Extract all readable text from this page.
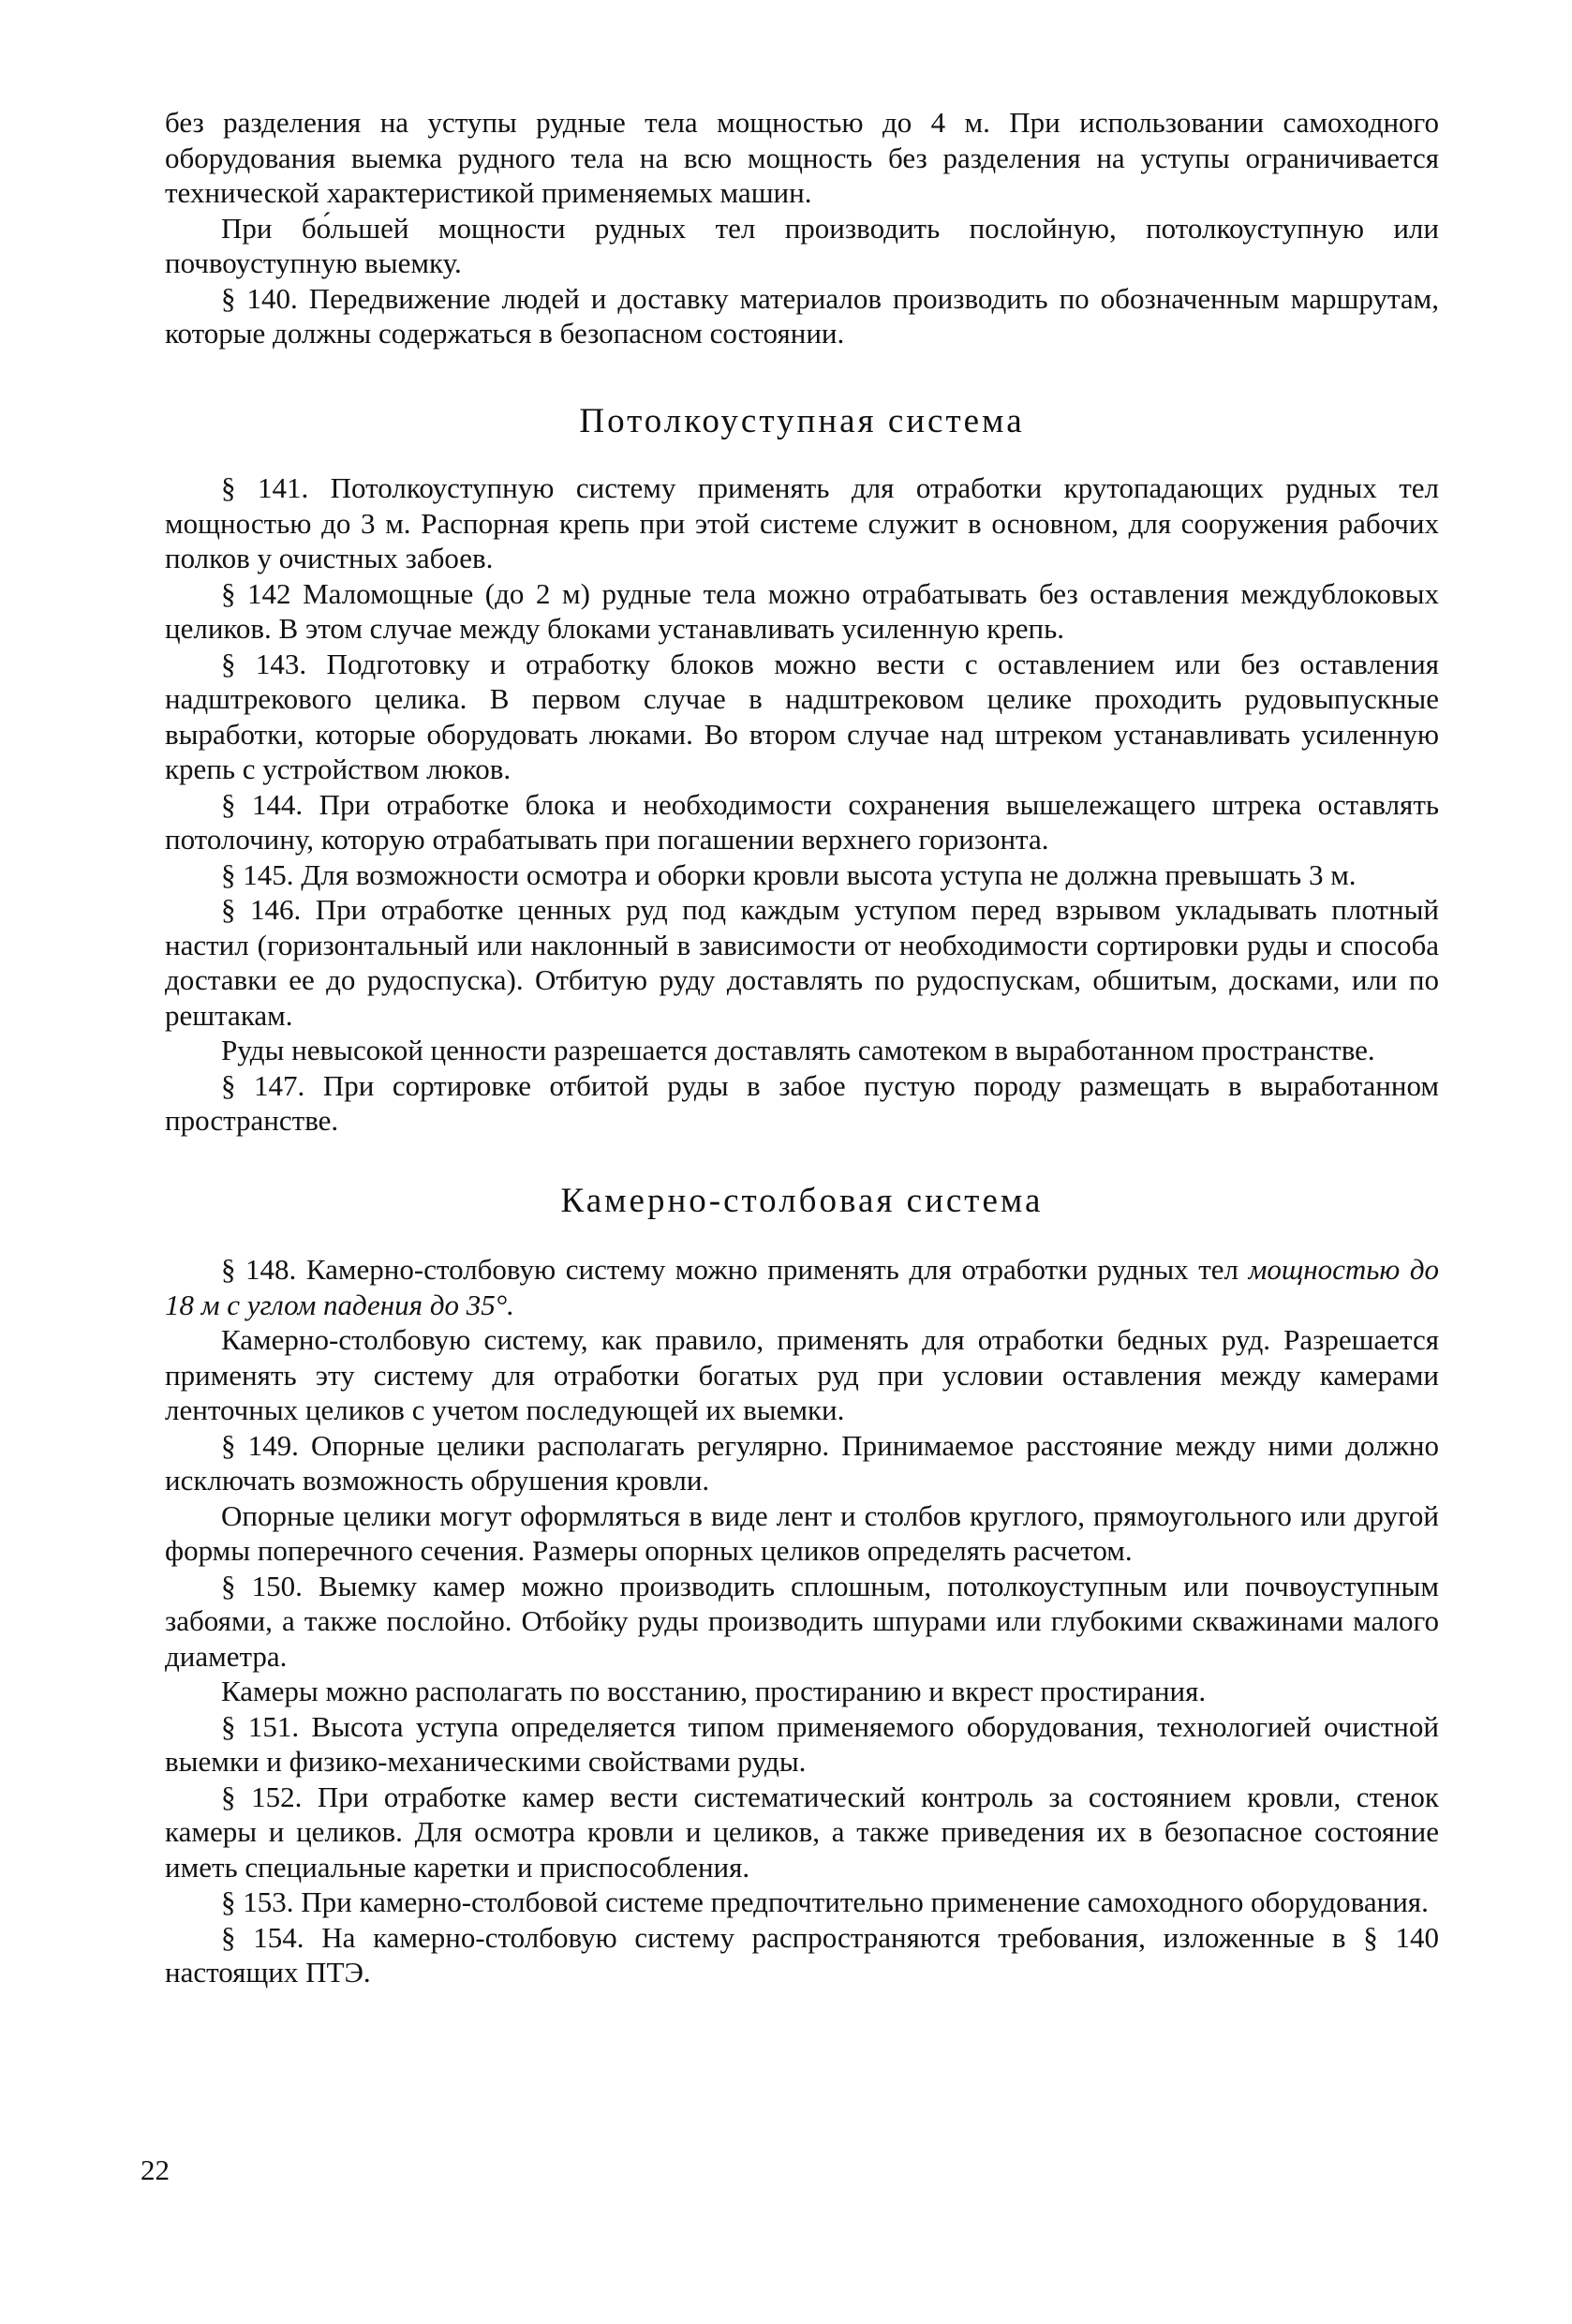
без разделения на уступы рудные тела мощностью до 4 м. При использовании самоходного оборудования выемка рудного тела на всю мощность без разделения на уступы ограничивается технической характеристикой применяемых машин.

При бо́льшей мощности рудных тел производить послойную, потолкоуступную или почвоуступную выемку.

§ 140. Передвижение людей и доставку материалов производить по обозначенным маршрутам, которые должны содержаться в безопасном состоянии.

Потолкоуступная система

§ 141. Потолкоуступную систему применять для отработки крутопадающих рудных тел мощностью до 3 м. Распорная крепь при этой системе служит в основном, для сооружения рабочих полков у очистных забоев.

§ 142 Маломощные (до 2 м) рудные тела можно отрабатывать без оставления междублоковых целиков. В этом случае между блоками устанавливать усиленную крепь.

§ 143. Подготовку и отработку блоков можно вести с оставлением или без оставления надштрекового целика. В первом случае в надштрековом целике проходить рудовыпускные выработки, которые оборудовать люками. Во втором случае над штреком устанавливать усиленную крепь с устройством люков.

§ 144. При отработке блока и необходимости сохранения вышележащего штрека оставлять потолочину, которую отрабатывать при погашении верхнего горизонта.

§ 145. Для возможности осмотра и оборки кровли высота уступа не должна превышать 3 м.

§ 146. При отработке ценных руд под каждым уступом перед взрывом укладывать плотный настил (горизонтальный или наклонный в зависимости от необходимости сортировки руды и способа доставки ее до рудоспуска). Отбитую руду доставлять по рудоспускам, обшитым, досками, или по рештакам.

Руды невысокой ценности разрешается доставлять самотеком в выработанном пространстве.

§ 147. При сортировке отбитой руды в забое пустую породу размещать в выработанном пространстве.

Камерно-столбовая система

§ 148. Камерно-столбовую систему можно применять для отработки рудных тел мощностью до 18 м с углом падения до 35°.

Камерно-столбовую систему, как правило, применять для отработки бедных руд. Разрешается применять эту систему для отработки богатых руд при условии оставления между камерами ленточных целиков с учетом последующей их выемки.

§ 149. Опорные целики располагать регулярно. Принимаемое расстояние между ними должно исключать возможность обрушения кровли.

Опорные целики могут оформляться в виде лент и столбов круглого, прямоугольного или другой формы поперечного сечения. Размеры опорных целиков определять расчетом.

§ 150. Выемку камер можно производить сплошным, потолкоуступным или почвоуступным забоями, а также послойно. Отбойку руды производить шпурами или глубокими скважинами малого диаметра.

Камеры можно располагать по восстанию, простиранию и вкрест простирания.

§ 151. Высота уступа определяется типом применяемого оборудования, технологией очистной выемки и физико-механическими свойствами руды.

§ 152. При отработке камер вести систематический контроль за состоянием кровли, стенок камеры и целиков. Для осмотра кровли и целиков, а также приведения их в безопасное состояние иметь специальные каретки и приспособления.

§ 153. При камерно-столбовой системе предпочтительно применение самоходного оборудования.

§ 154. На камерно-столбовую систему распространяются требования, изложенные в § 140 настоящих ПТЭ.

22
